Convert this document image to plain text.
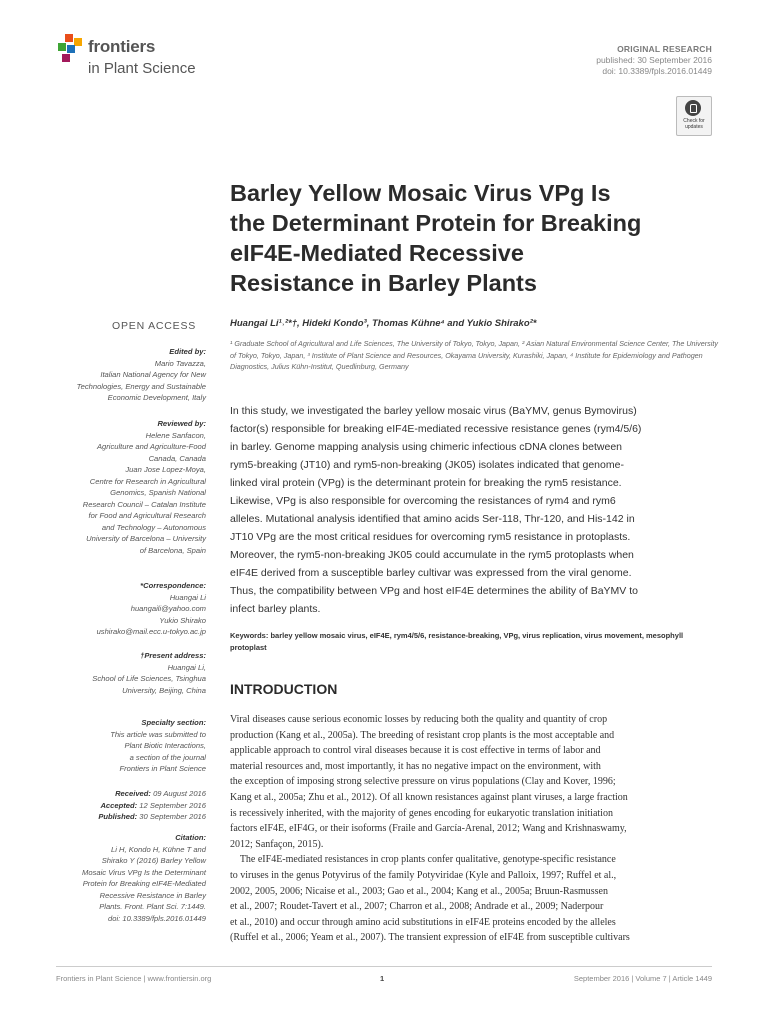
frontiers
in Plant Science
ORIGINAL RESEARCH
published: 30 September 2016
doi: 10.3389/fpls.2016.01449
Check for
updates
Barley Yellow Mosaic Virus VPg Is
the Determinant Protein for Breaking
eIF4E-Mediated Recessive
Resistance in Barley Plants
Huangai Li¹˒²*†, Hideki Kondo³, Thomas Kühne⁴ and Yukio Shirako²*
¹ Graduate School of Agricultural and Life Sciences, The University of Tokyo, Tokyo, Japan, ² Asian Natural Environmental Science Center, The University of Tokyo, Tokyo, Japan, ³ Institute of Plant Science and Resources, Okayama University, Kurashiki, Japan, ⁴ Institute for Epidemiology and Pathogen Diagnostics, Julius Kühn-Institut, Quedlinburg, Germany
OPEN ACCESS
Edited by:
Mario Tavazza,
Italian National Agency for New
Technologies, Energy and Sustainable
Economic Development, Italy
Reviewed by:
Helene Sanfacon,
Agriculture and Agriculture-Food
Canada, Canada
Juan Jose Lopez-Moya,
Centre for Research in Agricultural
Genomics, Spanish National
Research Council – Catalan Institute
for Food and Agricultural Research
and Technology – Autonomous
University of Barcelona – University
of Barcelona, Spain
*Correspondence:
Huangai Li
huangaili@yahoo.com
Yukio Shirako
ushirako@mail.ecc.u-tokyo.ac.jp
†Present address:
Huangai Li,
School of Life Sciences, Tsinghua
University, Beijing, China
Specialty section:
This article was submitted to
Plant Biotic Interactions,
a section of the journal
Frontiers in Plant Science
Received: 09 August 2016
Accepted: 12 September 2016
Published: 30 September 2016
Citation:
Li H, Kondo H, Kühne T and
Shirako Y (2016) Barley Yellow
Mosaic Virus VPg Is the Determinant
Protein for Breaking eIF4E-Mediated
Recessive Resistance in Barley
Plants. Front. Plant Sci. 7:1449.
doi: 10.3389/fpls.2016.01449
In this study, we investigated the barley yellow mosaic virus (BaYMV, genus Bymovirus)
factor(s) responsible for breaking eIF4E-mediated recessive resistance genes (rym4/5/6)
in barley. Genome mapping analysis using chimeric infectious cDNA clones between
rym5-breaking (JT10) and rym5-non-breaking (JK05) isolates indicated that genome-
linked viral protein (VPg) is the determinant protein for breaking the rym5 resistance.
Likewise, VPg is also responsible for overcoming the resistances of rym4 and rym6
alleles. Mutational analysis identified that amino acids Ser-118, Thr-120, and His-142 in
JT10 VPg are the most critical residues for overcoming rym5 resistance in protoplasts.
Moreover, the rym5-non-breaking JK05 could accumulate in the rym5 protoplasts when
eIF4E derived from a susceptible barley cultivar was expressed from the viral genome.
Thus, the compatibility between VPg and host eIF4E determines the ability of BaYMV to
infect barley plants.
Keywords: barley yellow mosaic virus, eIF4E, rym4/5/6, resistance-breaking, VPg, virus replication, virus movement, mesophyll protoplast
INTRODUCTION
Viral diseases cause serious economic losses by reducing both the quality and quantity of crop
production (Kang et al., 2005a). The breeding of resistant crop plants is the most acceptable and
applicable approach to control viral diseases because it is cost effective in terms of labor and
material resources and, most importantly, it has no negative impact on the environment, with
the exception of imposing strong selective pressure on virus populations (Clay and Kover, 1996;
Kang et al., 2005a; Zhu et al., 2012). Of all known resistances against plant viruses, a large fraction
is recessively inherited, with the majority of genes encoding for eukaryotic translation initiation
factors eIF4E, eIF4G, or their isoforms (Fraile and García-Arenal, 2012; Wang and Krishnaswamy,
2012; Sanfaçon, 2015).
The eIF4E-mediated resistances in crop plants confer qualitative, genotype-specific resistance
to viruses in the genus Potyvirus of the family Potyviridae (Kyle and Palloix, 1997; Ruffel et al.,
2002, 2005, 2006; Nicaise et al., 2003; Gao et al., 2004; Kang et al., 2005a; Bruun-Rasmussen
et al., 2007; Roudet-Tavert et al., 2007; Charron et al., 2008; Andrade et al., 2009; Naderpour
et al., 2010) and occur through amino acid substitutions in eIF4E proteins encoded by the alleles
(Ruffel et al., 2006; Yeam et al., 2007). The transient expression of eIF4E from susceptible cultivars
Frontiers in Plant Science | www.frontiersin.org	1	September 2016 | Volume 7 | Article 1449
